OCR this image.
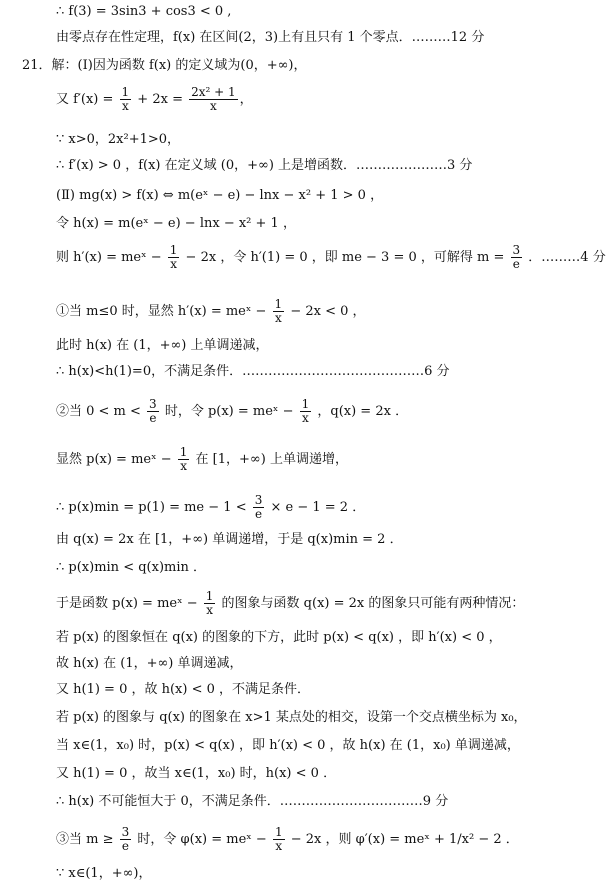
∴ f(3) = 3sin3 + cos3 < 0 ,
由零点存在性定理，f(x) 在区间(2，3)上有且只有 1 个零点．………12 分
21．解：(Ⅰ)因为函数 f(x) 的定义域为(0，+∞)，
又 $f'(x) = \frac{1}{x} + 2x = \frac{\text{2x² + 1}}{x}$ ，
∵ x>0，2x²+1>0，
∴ f′(x) > 0 ，f(x) 在定义域 (0，+∞) 上是增函数．…………………3 分
(Ⅱ) mg(x) > f(x) ⇔ m(eˣ − e) − lnx − x² + 1 > 0 ，
令 h(x) = m(eˣ − e) − lnx − x² + 1 ，
则 h′(x) = meˣ − $\frac{1}{x} - 2x$ ，令 h′(1) = 0 ，即 me − 3 = 0 ，可解得 $m = \frac{3}{e}$ ．………4 分
①当 m≤0 时，显然 h′(x) = meˣ − $\frac{1}{x} - 2x < 0$ ，
此时 h(x) 在 (1，+∞) 上单调递减，
∴ h(x)<h(1)=0，不满足条件．……………………………………6 分
②当 $0 < m < \frac{3}{e}$ 时，令 p(x) = meˣ − $\frac{1}{x}$ ，q(x) = 2x ．
显然 p(x) = meˣ − $\frac{1}{x}$ 在 [1，+∞) 上单调递增，
∴ p(x)min = p(1) = me − $1 < \frac{3}{e} \times e - 1 = 2$ ．
由 q(x) = 2x 在 [1，+∞) 单调递增，于是 q(x)min = 2 ．
∴ p(x)min < q(x)min ．
于是函数 p(x) = meˣ − $\frac{1}{x}$ 的图象与函数 q(x) = 2x 的图象只可能有两种情况：
若 p(x) 的图象恒在 q(x) 的图象的下方，此时 p(x) < q(x) ，即 h′(x) < 0 ，
故 h(x) 在 (1，+∞) 单调递减，
又 h(1) = 0 ，故 h(x) < 0 ，不满足条件．
若 p(x) 的图象与 q(x) 的图象在 x>1 某点处的相交，设第一个交点横坐标为 x₀，
当 x∈(1，x₀) 时，p(x) < q(x) ，即 h′(x) < 0 ，故 h(x) 在 (1，x₀) 单调递减，
又 h(1) = 0 ，故当 x∈(1，x₀) 时，h(x) < 0 ．
∴ h(x) 不可能恒大于 0，不满足条件．……………………………9 分
③当 $m \ge \frac{3}{e}$ 时，令 φ(x) = meˣ − $\frac{1}{x} - 2x$ ，则 φ′(x) = meˣ + 1/x² − 2 ．
∵ x∈(1，+∞)，
